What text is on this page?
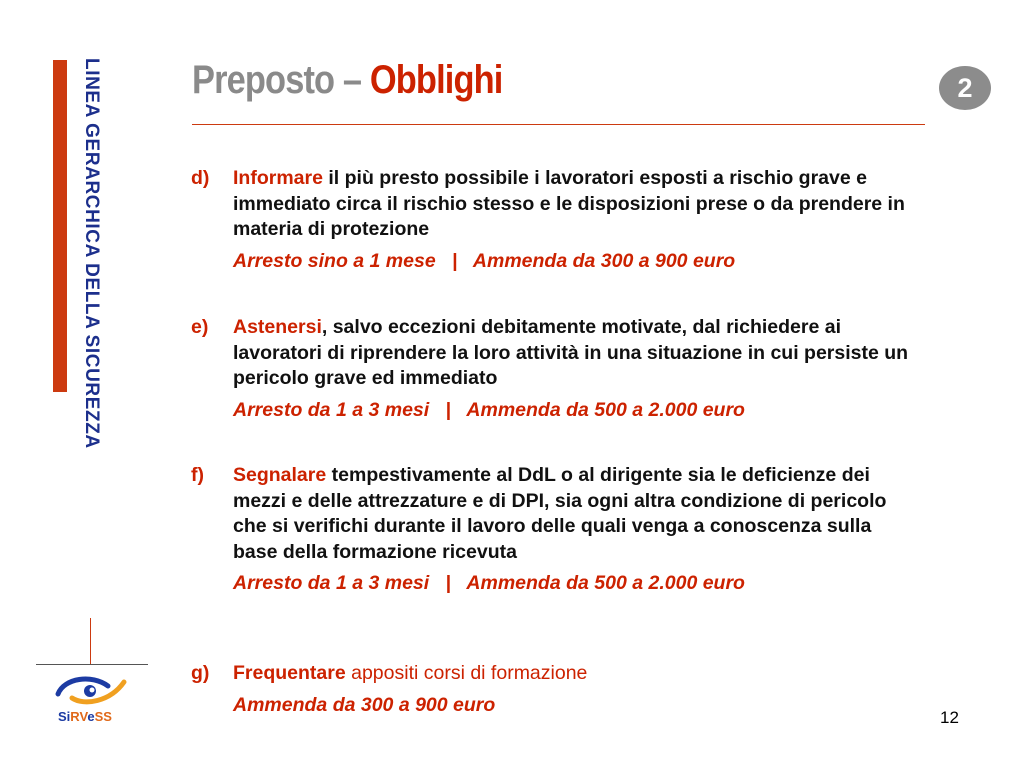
LINEA GERARCHICA DELLA SICUREZZA
SiRVeSS
Preposto – Obblighi	2
d) Informare il più presto possibile i lavoratori esposti a rischio grave e immediato circa il rischio stesso e le disposizioni prese o da prendere in materia di protezione
Arresto sino a 1 mese   |   Ammenda da 300 a 900 euro
e) Astenersi, salvo eccezioni debitamente motivate, dal richiedere ai lavoratori di riprendere la loro attività in una situazione in cui persiste un pericolo grave ed immediato
Arresto da 1 a 3 mesi   |   Ammenda da 500 a 2.000 euro
f) Segnalare tempestivamente al DdL o al dirigente sia le deficienze dei mezzi e delle attrezzature e di DPI, sia ogni altra condizione di pericolo che si verifichi durante il lavoro delle quali venga a conoscenza sulla base della formazione ricevuta
Arresto da 1 a 3 mesi   |   Ammenda da 500 a 2.000 euro
g) Frequentare appositi corsi di formazione
Ammenda da 300 a 900 euro
12
